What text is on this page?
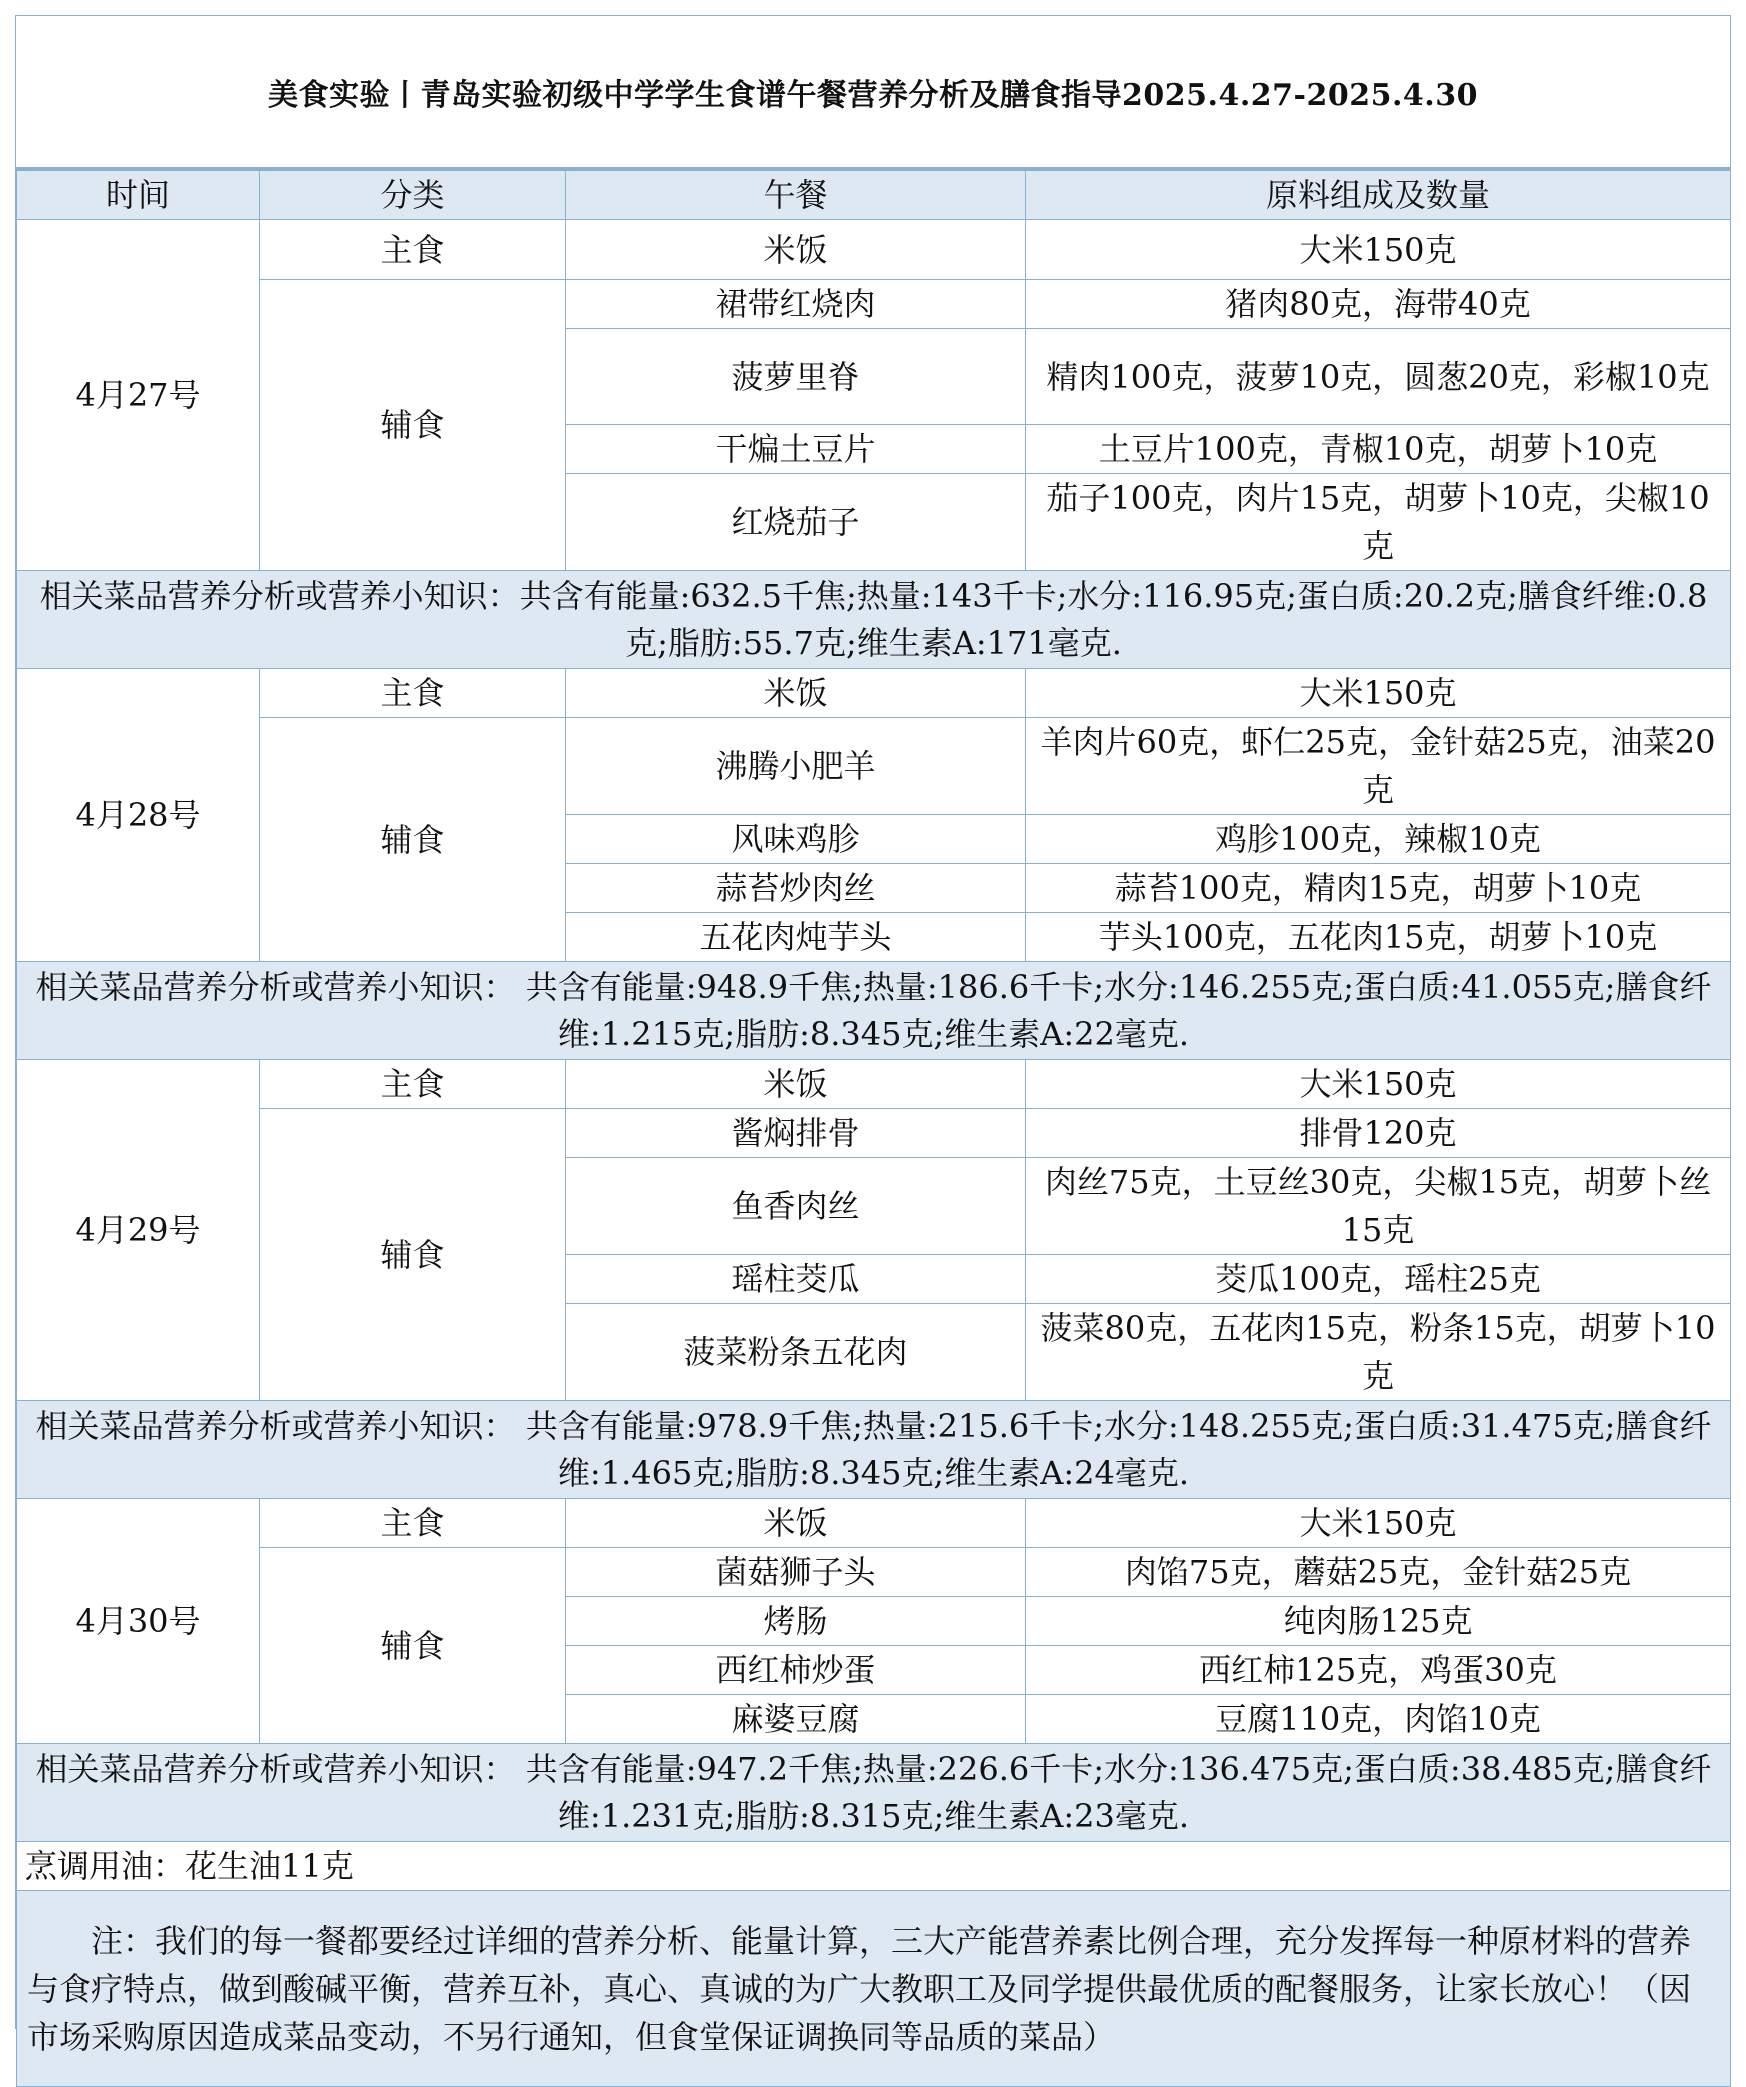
美食实验丨青岛实验初级中学学生食谱午餐营养分析及膳食指导2025.4.27-2025.4.30
时间	分类	午餐	原料组成及数量
4月27号	主食	米饭	大米150克
	辅食	裙带红烧肉	猪肉80克，海带40克
		菠萝里脊	精肉100克，菠萝10克，圆葱20克，彩椒10克
		干煸土豆片	土豆片100克，青椒10克，胡萝卜10克
		红烧茄子	茄子100克，肉片15克，胡萝卜10克，尖椒10克
相关菜品营养分析或营养小知识：共含有能量:632.5千焦;热量:143千卡;水分:116.95克;蛋白质:20.2克;膳食纤维:0.8克;脂肪:55.7克;维生素A:171毫克.			
4月28号	主食	米饭	大米150克
	辅食	沸腾小肥羊	羊肉片60克，虾仁25克，金针菇25克，油菜20克
		风味鸡胗	鸡胗100克，辣椒10克
		蒜苔炒肉丝	蒜苔100克，精肉15克，胡萝卜10克
		五花肉炖芋头	芋头100克，五花肉15克，胡萝卜10克
相关菜品营养分析或营养小知识： 共含有能量:948.9千焦;热量:186.6千卡;水分:146.255克;蛋白质:41.055克;膳食纤维:1.215克;脂肪:8.345克;维生素A:22毫克.			
4月29号	主食	米饭	大米150克
	辅食	酱焖排骨	排骨120克
		鱼香肉丝	肉丝75克，土豆丝30克，尖椒15克，胡萝卜丝15克
		瑶柱茭瓜	茭瓜100克，瑶柱25克
		菠菜粉条五花肉	菠菜80克，五花肉15克，粉条15克，胡萝卜10克
相关菜品营养分析或营养小知识： 共含有能量:978.9千焦;热量:215.6千卡;水分:148.255克;蛋白质:31.475克;膳食纤维:1.465克;脂肪:8.345克;维生素A:24毫克.			
4月30号	主食	米饭	大米150克
	辅食	菌菇狮子头	肉馅75克，蘑菇25克，金针菇25克
		烤肠	纯肉肠125克
		西红柿炒蛋	西红柿125克，鸡蛋30克
		麻婆豆腐	豆腐110克，肉馅10克
相关菜品营养分析或营养小知识： 共含有能量:947.2千焦;热量:226.6千卡;水分:136.475克;蛋白质:38.485克;膳食纤维:1.231克;脂肪:8.315克;维生素A:23毫克.			
烹调用油：花生油11克			
注：我们的每一餐都要经过详细的营养分析、能量计算，三大产能营养素比例合理，充分发挥每一种原材料的营养与食疗特点，做到酸碱平衡，营养互补，真心、真诚的为广大教职工及同学提供最优质的配餐服务，让家长放心！（因市场采购原因造成菜品变动，不另行通知，但食堂保证调换同等品质的菜品）			
